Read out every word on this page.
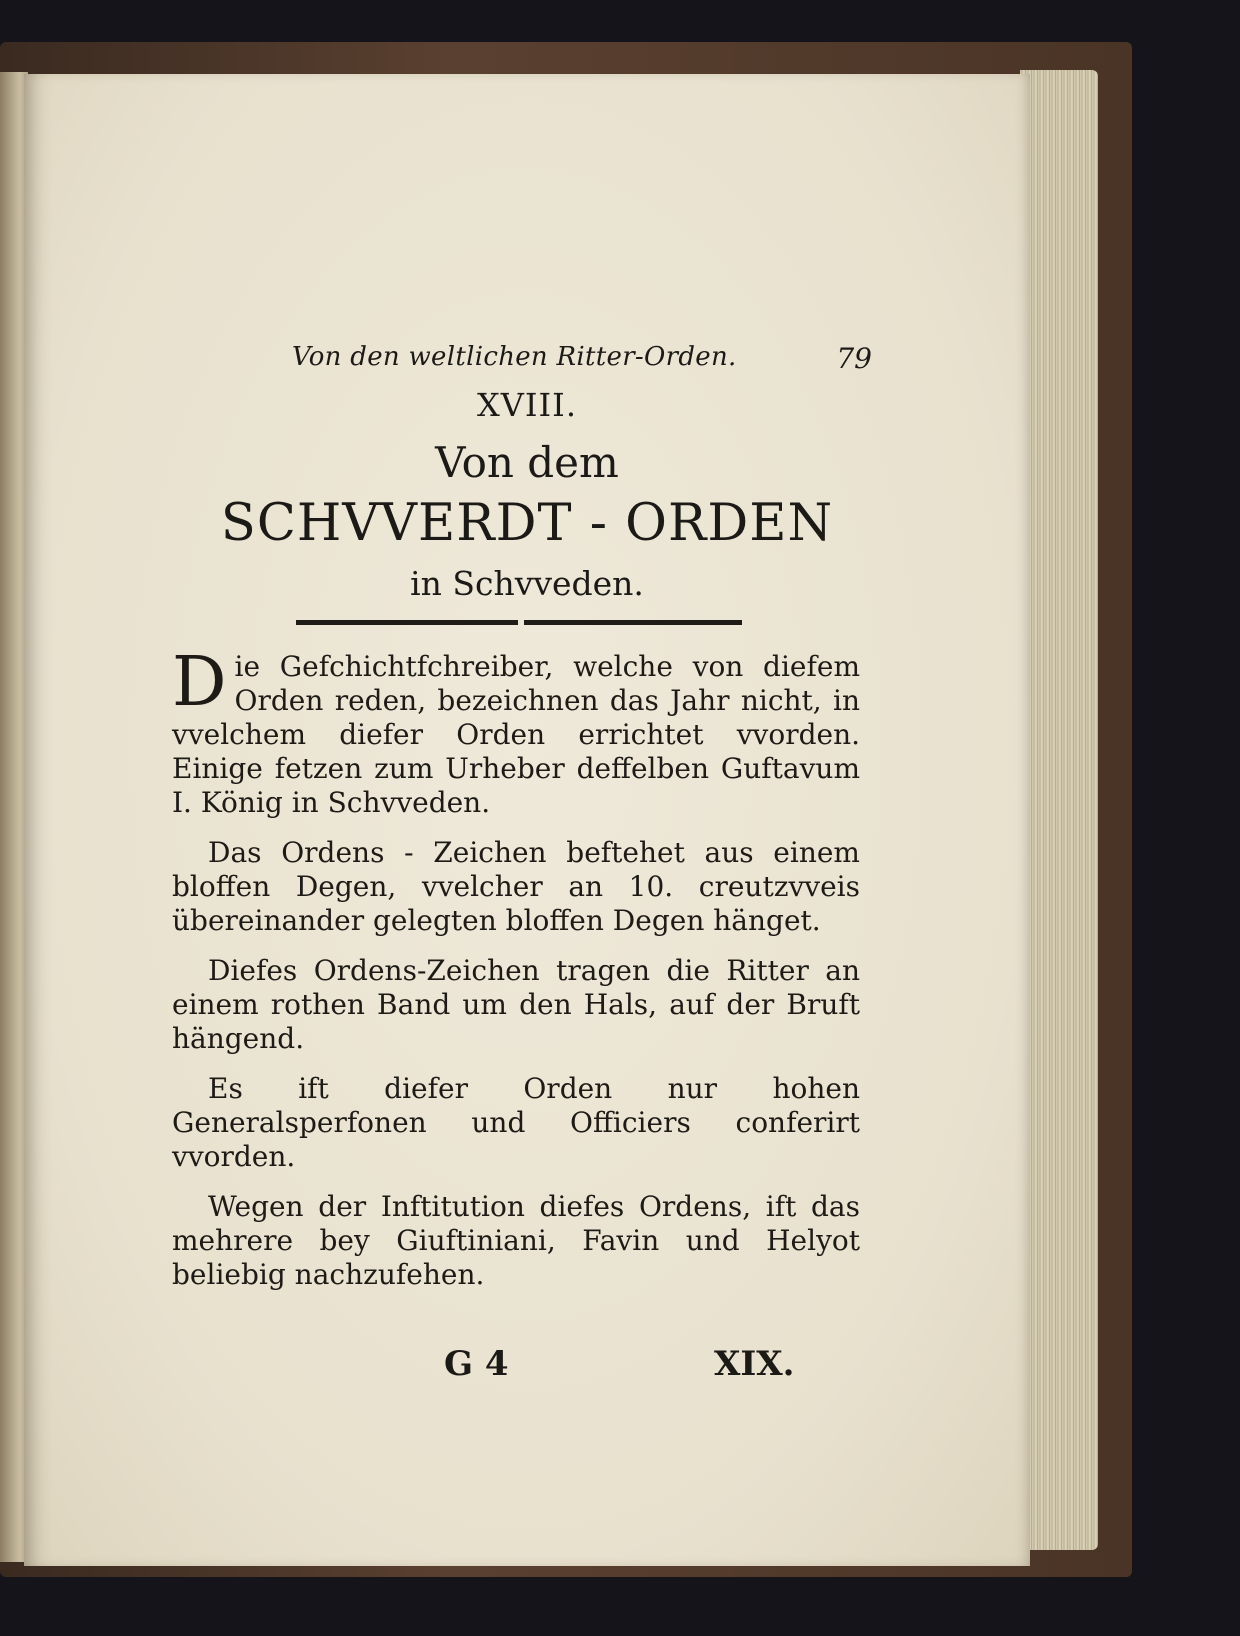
Von den weltlichen Ritter-Orden.	79
XVIII.
Von dem
SCHVVERDT - ORDEN
in Schvveden.

Die Gefchichtfchreiber, welche von diefem Orden reden, bezeichnen das Jahr nicht, in vvelchem diefer Orden errichtet vvorden. Einige fetzen zum Urheber deffelben Guftavum I. König in Schvveden.

Das Ordens - Zeichen beftehet aus einem bloffen Degen, vvelcher an 10. creutzvveis übereinander gelegten bloffen Degen hänget.

Diefes Ordens-Zeichen tragen die Ritter an einem rothen Band um den Hals, auf der Bruft hängend.

Es ift diefer Orden nur hohen Generalsperfonen und Officiers conferirt vvorden.

Wegen der Inftitution diefes Ordens, ift das mehrere bey Giuftiniani, Favin und Helyot beliebig nachzufehen.

G 4	XIX.
